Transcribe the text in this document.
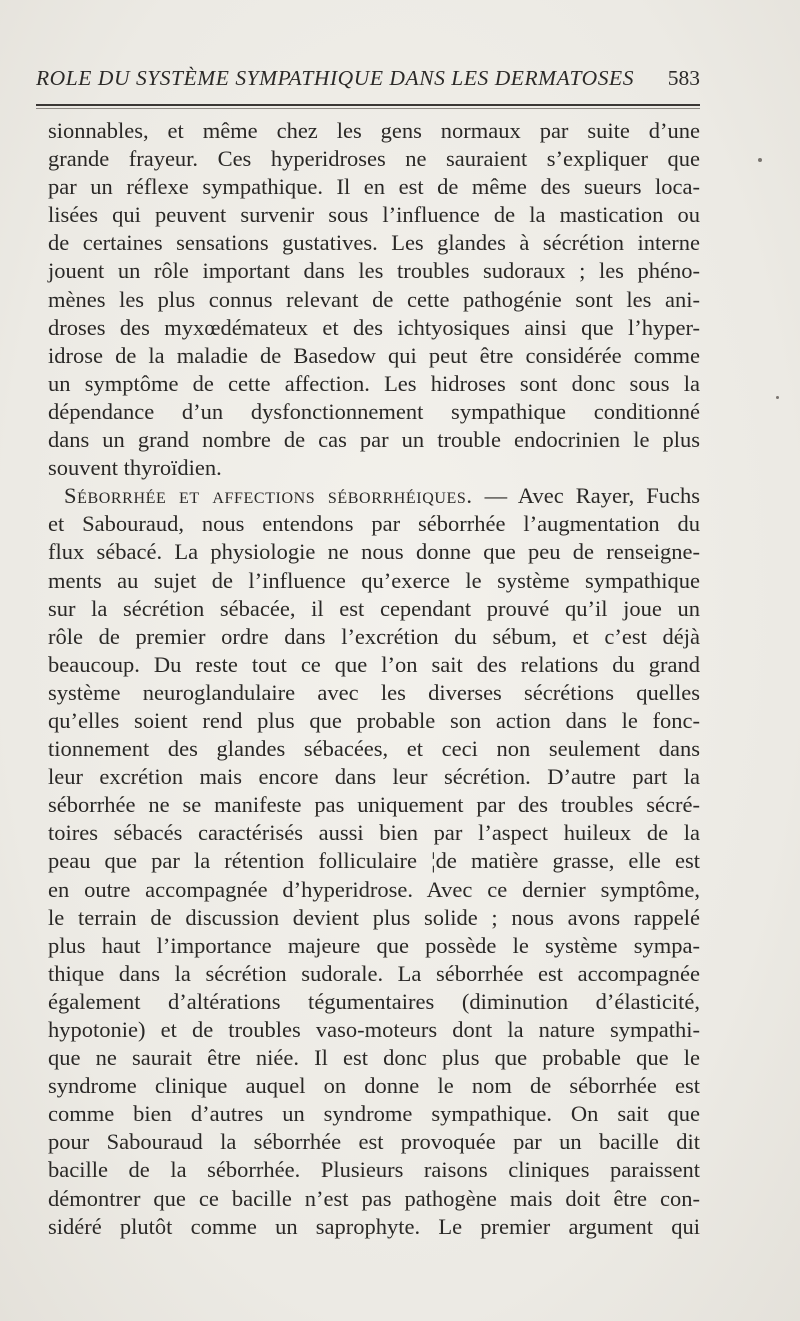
ROLE DU SYSTÈME SYMPATHIQUE DANS LES DERMATOSES 583
sionnables, et même chez les gens normaux par suite d’une
grande frayeur. Ces hyperidroses ne sauraient s’expliquer que
par un réflexe sympathique. Il en est de même des sueurs loca-
lisées qui peuvent survenir sous l’influence de la mastication ou
de certaines sensations gustatives. Les glandes à sécrétion interne
jouent un rôle important dans les troubles sudoraux ; les phéno-
mènes les plus connus relevant de cette pathogénie sont les ani-
droses des myxœdémateux et des ichtyosiques ainsi que l’hyper-
idrose de la maladie de Basedow qui peut être considérée comme
un symptôme de cette affection. Les hidroses sont donc sous la
dépendance d’un dysfonctionnement sympathique conditionné
dans un grand nombre de cas par un trouble endocrinien le plus
souvent thyroïdien.
Séborrhée et affections séborrhéiques. — Avec Rayer, Fuchs
et Sabouraud, nous entendons par séborrhée l’augmentation du
flux sébacé. La physiologie ne nous donne que peu de renseigne-
ments au sujet de l’influence qu’exerce le système sympathique
sur la sécrétion sébacée, il est cependant prouvé qu’il joue un
rôle de premier ordre dans l’excrétion du sébum, et c’est déjà
beaucoup. Du reste tout ce que l’on sait des relations du grand
système neuroglandulaire avec les diverses sécrétions quelles
qu’elles soient rend plus que probable son action dans le fonc-
tionnement des glandes sébacées, et ceci non seulement dans
leur excrétion mais encore dans leur sécrétion. D’autre part la
séborrhée ne se manifeste pas uniquement par des troubles sécré-
toires sébacés caractérisés aussi bien par l’aspect huileux de la
peau que par la rétention folliculaire ¦de matière grasse, elle est
en outre accompagnée d’hyperidrose. Avec ce dernier symptôme,
le terrain de discussion devient plus solide ; nous avons rappelé
plus haut l’importance majeure que possède le système sympa-
thique dans la sécrétion sudorale. La séborrhée est accompagnée
également d’altérations tégumentaires (diminution d’élasticité,
hypotonie) et de troubles vaso-moteurs dont la nature sympathi-
que ne saurait être niée. Il est donc plus que probable que le
syndrome clinique auquel on donne le nom de séborrhée est
comme bien d’autres un syndrome sympathique. On sait que
pour Sabouraud la séborrhée est provoquée par un bacille dit
bacille de la séborrhée. Plusieurs raisons cliniques paraissent
démontrer que ce bacille n’est pas pathogène mais doit être con-
sidéré plutôt comme un saprophyte. Le premier argument qui
